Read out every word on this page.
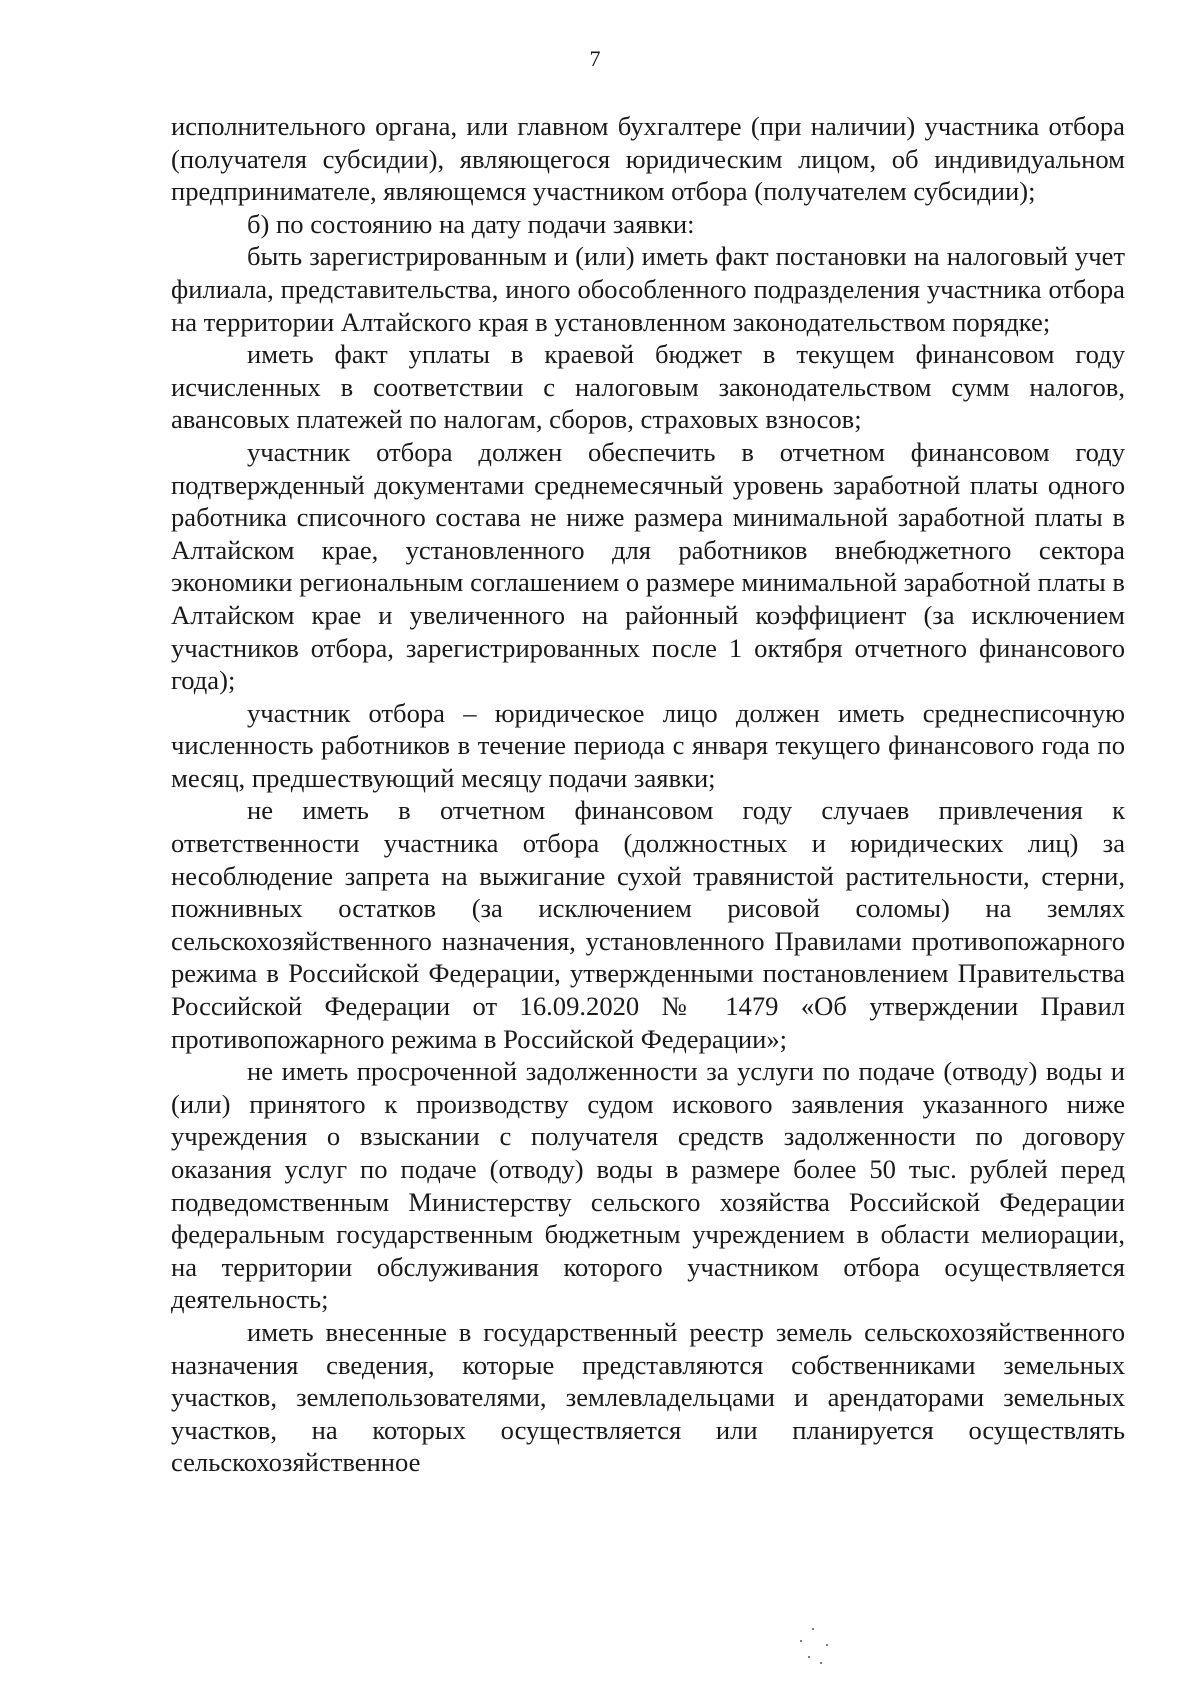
7

исполнительного органа, или главном бухгалтере (при наличии) участника отбора (получателя субсидии), являющегося юридическим лицом, об индивидуальном предпринимателе, являющемся участником отбора (получателем субсидии);

б) по состоянию на дату подачи заявки:

быть зарегистрированным и (или) иметь факт постановки на налоговый учет филиала, представительства, иного обособленного подразделения участника отбора на территории Алтайского края в установленном законодательством порядке;

иметь факт уплаты в краевой бюджет в текущем финансовом году исчисленных в соответствии с налоговым законодательством сумм налогов, авансовых платежей по налогам, сборов, страховых взносов;

участник отбора должен обеспечить в отчетном финансовом году подтвержденный документами среднемесячный уровень заработной платы одного работника списочного состава не ниже размера минимальной заработной платы в Алтайском крае, установленного для работников внебюджетного сектора экономики региональным соглашением о размере минимальной заработной платы в Алтайском крае и увеличенного на районный коэффициент (за исключением участников отбора, зарегистрированных после 1 октября отчетного финансового года);

участник отбора – юридическое лицо должен иметь среднесписочную численность работников в течение периода с января текущего финансового года по месяц, предшествующий месяцу подачи заявки;

не иметь в отчетном финансовом году случаев привлечения к ответственности участника отбора (должностных и юридических лиц) за несоблюдение запрета на выжигание сухой травянистой растительности, стерни, пожнивных остатков (за исключением рисовой соломы) на землях сельскохозяйственного назначения, установленного Правилами противопожарного режима в Российской Федерации, утвержденными постановлением Правительства Российской Федерации от 16.09.2020 № 1479 «Об утверждении Правил противопожарного режима в Российской Федерации»;

не иметь просроченной задолженности за услуги по подаче (отводу) воды и (или) принятого к производству судом искового заявления указанного ниже учреждения о взыскании с получателя средств задолженности по договору оказания услуг по подаче (отводу) воды в размере более 50 тыс. рублей перед подведомственным Министерству сельского хозяйства Российской Федерации федеральным государственным бюджетным учреждением в области мелиорации, на территории обслуживания которого участником отбора осуществляется деятельность;

иметь внесенные в государственный реестр земель сельскохозяйственного назначения сведения, которые представляются собственниками земельных участков, землепользователями, землевладельцами и арендаторами земельных участков, на которых осуществляется или планируется осуществлять сельскохозяйственное
